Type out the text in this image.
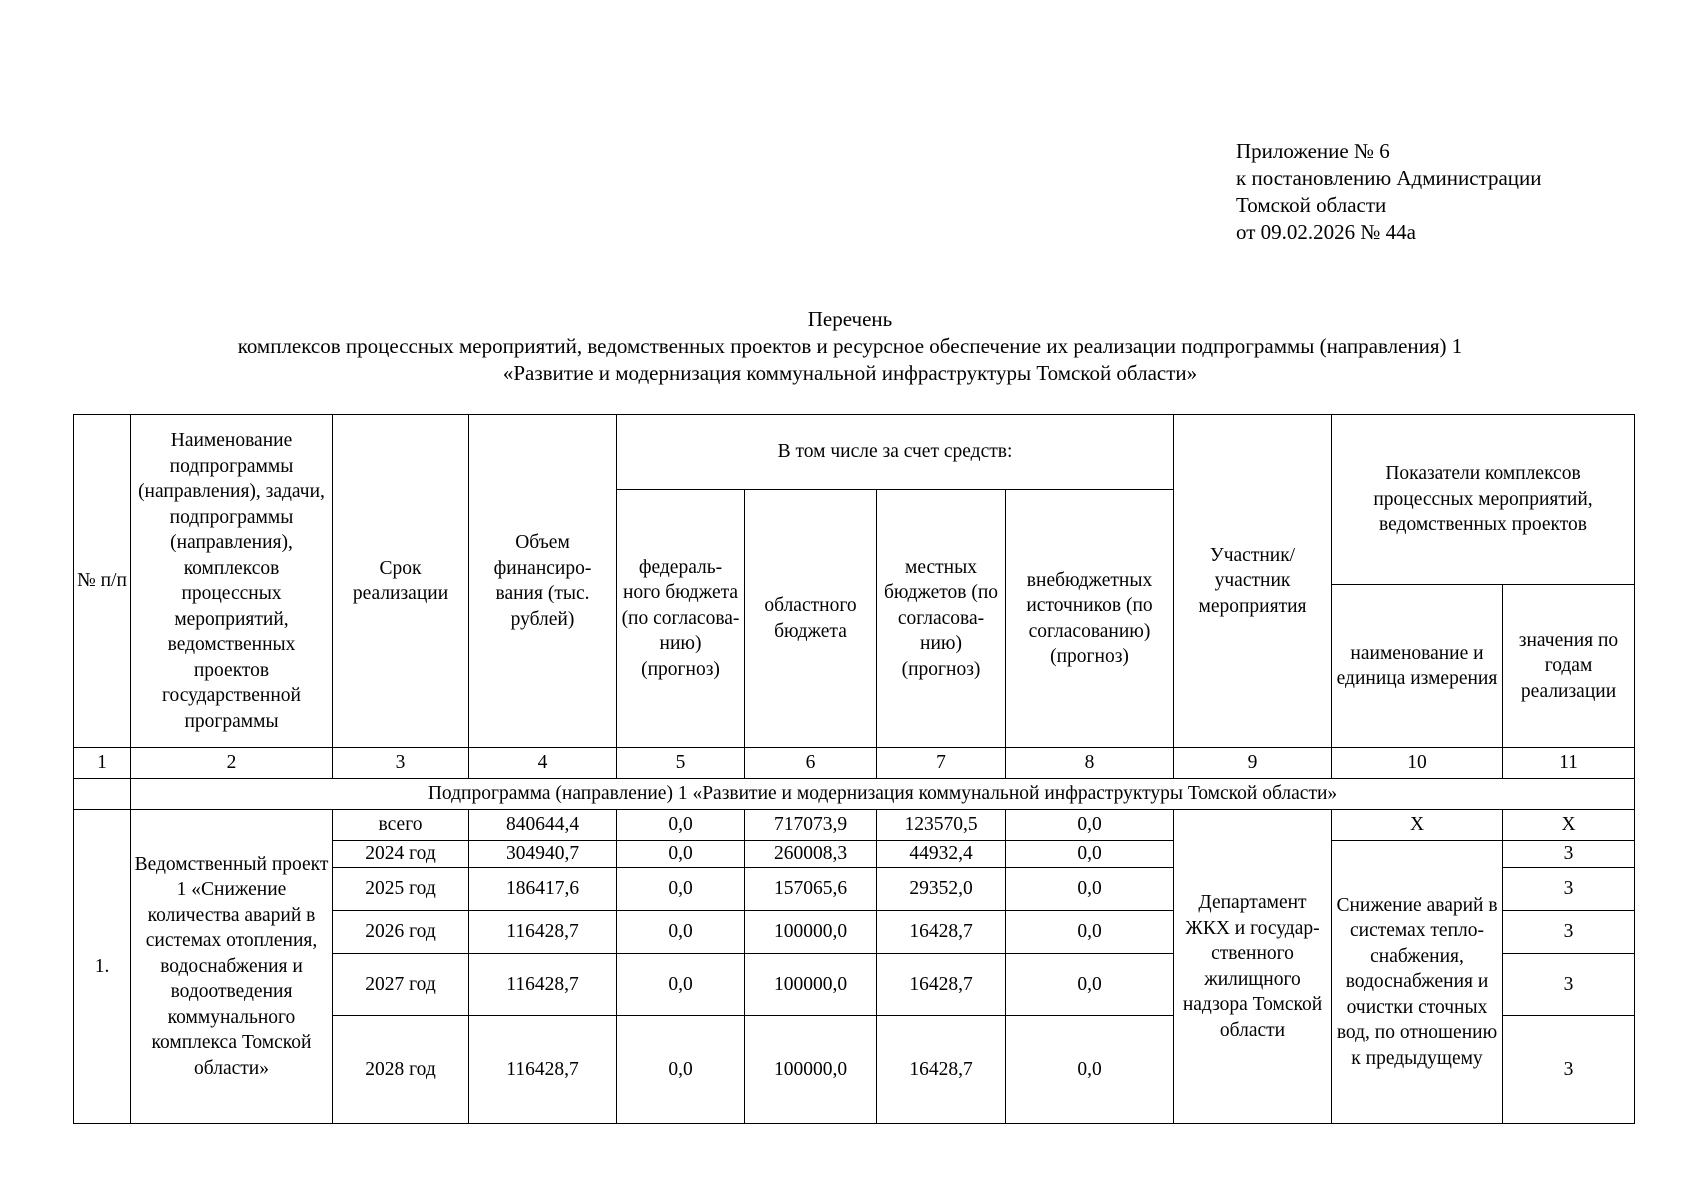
Приложение № 6
к постановлению Администрации
Томской области
от 09.02.2026 № 44а
Перечень
комплексов процессных мероприятий, ведомственных проектов и ресурсное обеспечение их реализации подпрограммы (направления) 1
«Развитие и модернизация коммунальной инфраструктуры Томской области»
№ п/п	Наименование подпрограммы (направления), задачи, подпрограммы (направления), комплексов процессных мероприятий, ведомственных проектов государственной программы	Срок реализации	Объем финансиро- вания (тыс. рублей)	В том числе за счет средств:				Участник/ участник мероприятия	Показатели комплексов процессных мероприятий, ведомственных проектов	
				федераль- ного бюджета (по согласова- нию) (прогноз)	областного бюджета	местных бюджетов (по согласова- нию) (прогноз)	внебюджетных источников (по согласованию) (прогноз)			
									наименование и единица измерения	значения по годам реализации
1	2	3	4	5	6	7	8	9	10	11
	Подпрограмма (направление) 1 «Развитие и модернизация коммунальной инфраструктуры Томской области»									
1.	Ведомственный проект 1 «Снижение количества аварий в системах отопления, водоснабжения и водоотведения коммунального комплекса Томской области»	всего	840644,4	0,0	717073,9	123570,5	0,0	Департамент ЖКХ и государ- ственного жилищного надзора Томской области	X	X
		2024 год	304940,7	0,0	260008,3	44932,4	0,0		Снижение аварий в системах тепло- снабжения, водоснабжения и очистки сточных вод, по отношению к предыдущему	3
		2025 год	186417,6	0,0	157065,6	29352,0	0,0			3
		2026 год	116428,7	0,0	100000,0	16428,7	0,0			3
		2027 год	116428,7	0,0	100000,0	16428,7	0,0			3
		2028 год	116428,7	0,0	100000,0	16428,7	0,0			3
